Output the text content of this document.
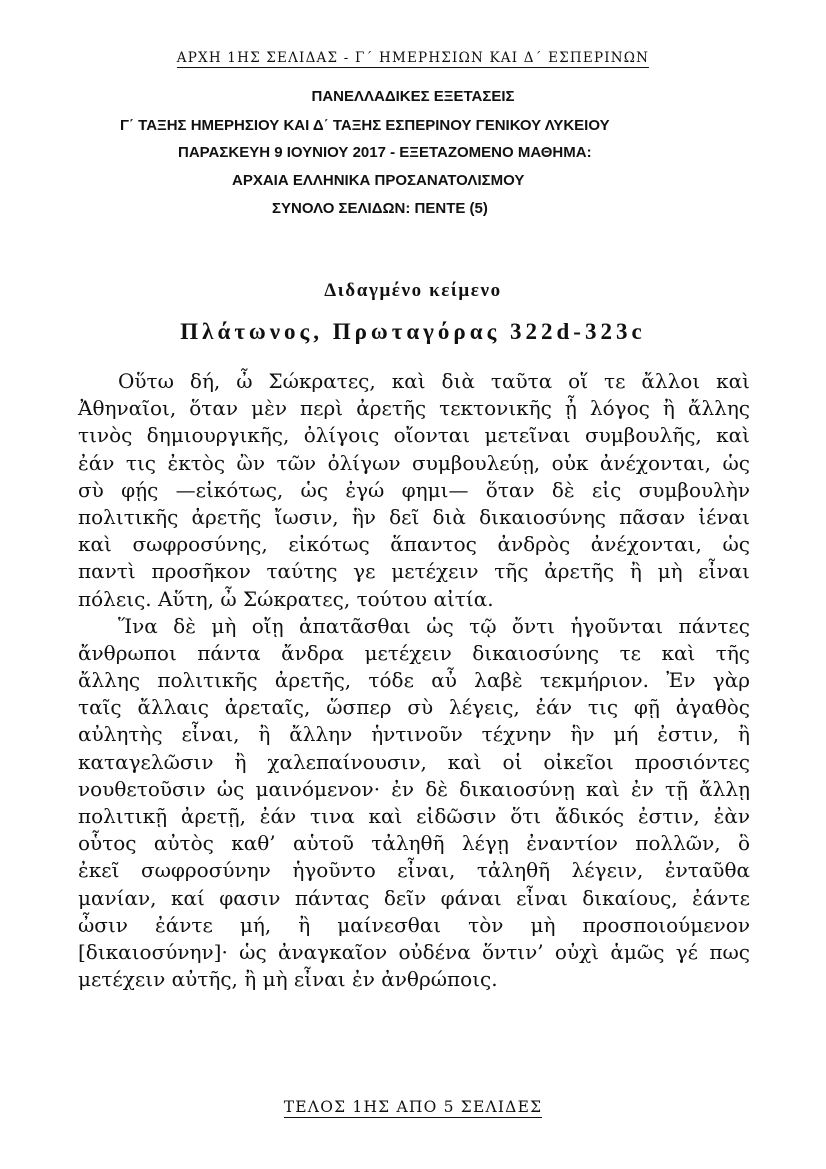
ΑΡΧΗ 1ΗΣ ΣΕΛΙΔΑΣ - Γ΄ ΗΜΕΡΗΣΙΩΝ ΚΑΙ Δ΄ ΕΣΠΕΡΙΝΩΝ
ΠΑΝΕΛΛΑΔΙΚΕΣ ΕΞΕΤΑΣΕΙΣ
Γ΄ ΤΑΞΗΣ ΗΜΕΡΗΣΙΟΥ ΚΑΙ Δ΄ ΤΑΞΗΣ ΕΣΠΕΡΙΝΟΥ ΓΕΝΙΚΟΥ ΛΥΚΕΙΟΥ
ΠΑΡΑΣΚΕΥΗ 9 ΙΟΥΝΙΟΥ 2017 - ΕΞΕΤΑΖΟΜΕΝΟ ΜΑΘΗΜΑ:
ΑΡΧΑΙΑ ΕΛΛΗΝΙΚΑ ΠΡΟΣΑΝΑΤΟΛΙΣΜΟΥ
ΣΥΝΟΛΟ ΣΕΛΙΔΩΝ: ΠΕΝΤΕ (5)
Διδαγμένο κείμενο
Πλάτωνος, Πρωταγόρας 322d-323c
Οὕτω δή, ὦ Σώκρατες, καὶ διὰ ταῦτα οἵ τε ἄλλοι καὶ
Ἀθηναῖοι, ὅταν μὲν περὶ ἀρετῆς τεκτονικῆς ᾖ λόγος ἢ ἄλλης
τινὸς δημιουργικῆς, ὀλίγοις οἴονται μετεῖναι συμβουλῆς, καὶ
ἐάν τις ἐκτὸς ὢν τῶν ὀλίγων συμβουλεύῃ, οὐκ ἀνέχονται, ὡς
σὺ φῄς —εἰκότως, ὡς ἐγώ φημι— ὅταν δὲ εἰς συμβουλὴν
πολιτικῆς ἀρετῆς ἴωσιν, ἣν δεῖ διὰ δικαιοσύνης πᾶσαν ἰέναι
καὶ σωφροσύνης, εἰκότως ἅπαντος ἀνδρὸς ἀνέχονται, ὡς
παντὶ προσῆκον ταύτης γε μετέχειν τῆς ἀρετῆς ἢ μὴ εἶναι
πόλεις. Αὕτη, ὦ Σώκρατες, τούτου αἰτία.
Ἵνα δὲ μὴ οἴῃ ἀπατᾶσθαι ὡς τῷ ὄντι ἡγοῦνται πάντες
ἄνθρωποι πάντα ἄνδρα μετέχειν δικαιοσύνης τε καὶ τῆς
ἄλλης πολιτικῆς ἀρετῆς, τόδε αὖ λαβὲ τεκμήριον. Ἐν γὰρ
ταῖς ἄλλαις ἀρεταῖς, ὥσπερ σὺ λέγεις, ἐάν τις φῇ ἀγαθὸς
αὐλητὴς εἶναι, ἢ ἄλλην ἡντινοῦν τέχνην ἣν μή ἐστιν, ἢ
καταγελῶσιν ἢ χαλεπαίνουσιν, καὶ οἱ οἰκεῖοι προσιόντες
νουθετοῦσιν ὡς μαινόμενον· ἐν δὲ δικαιοσύνῃ καὶ ἐν τῇ ἄλλῃ
πολιτικῇ ἀρετῇ, ἐάν τινα καὶ εἰδῶσιν ὅτι ἄδικός ἐστιν, ἐὰν
οὗτος αὐτὸς καθ’ αὑτοῦ τἀληθῆ λέγῃ ἐναντίον πολλῶν, ὃ
ἐκεῖ σωφροσύνην ἡγοῦντο εἶναι, τἀληθῆ λέγειν, ἐνταῦθα
μανίαν, καί φασιν πάντας δεῖν φάναι εἶναι δικαίους, ἐάντε
ὦσιν ἐάντε μή, ἢ μαίνεσθαι τὸν μὴ προσποιούμενον
[δικαιοσύνην]· ὡς ἀναγκαῖον οὐδένα ὅντιν’ οὐχὶ ἁμῶς γέ πως
μετέχειν αὐτῆς, ἢ μὴ εἶναι ἐν ἀνθρώποις.
ΤΕΛΟΣ 1ΗΣ ΑΠΟ 5 ΣΕΛΙΔΕΣ
